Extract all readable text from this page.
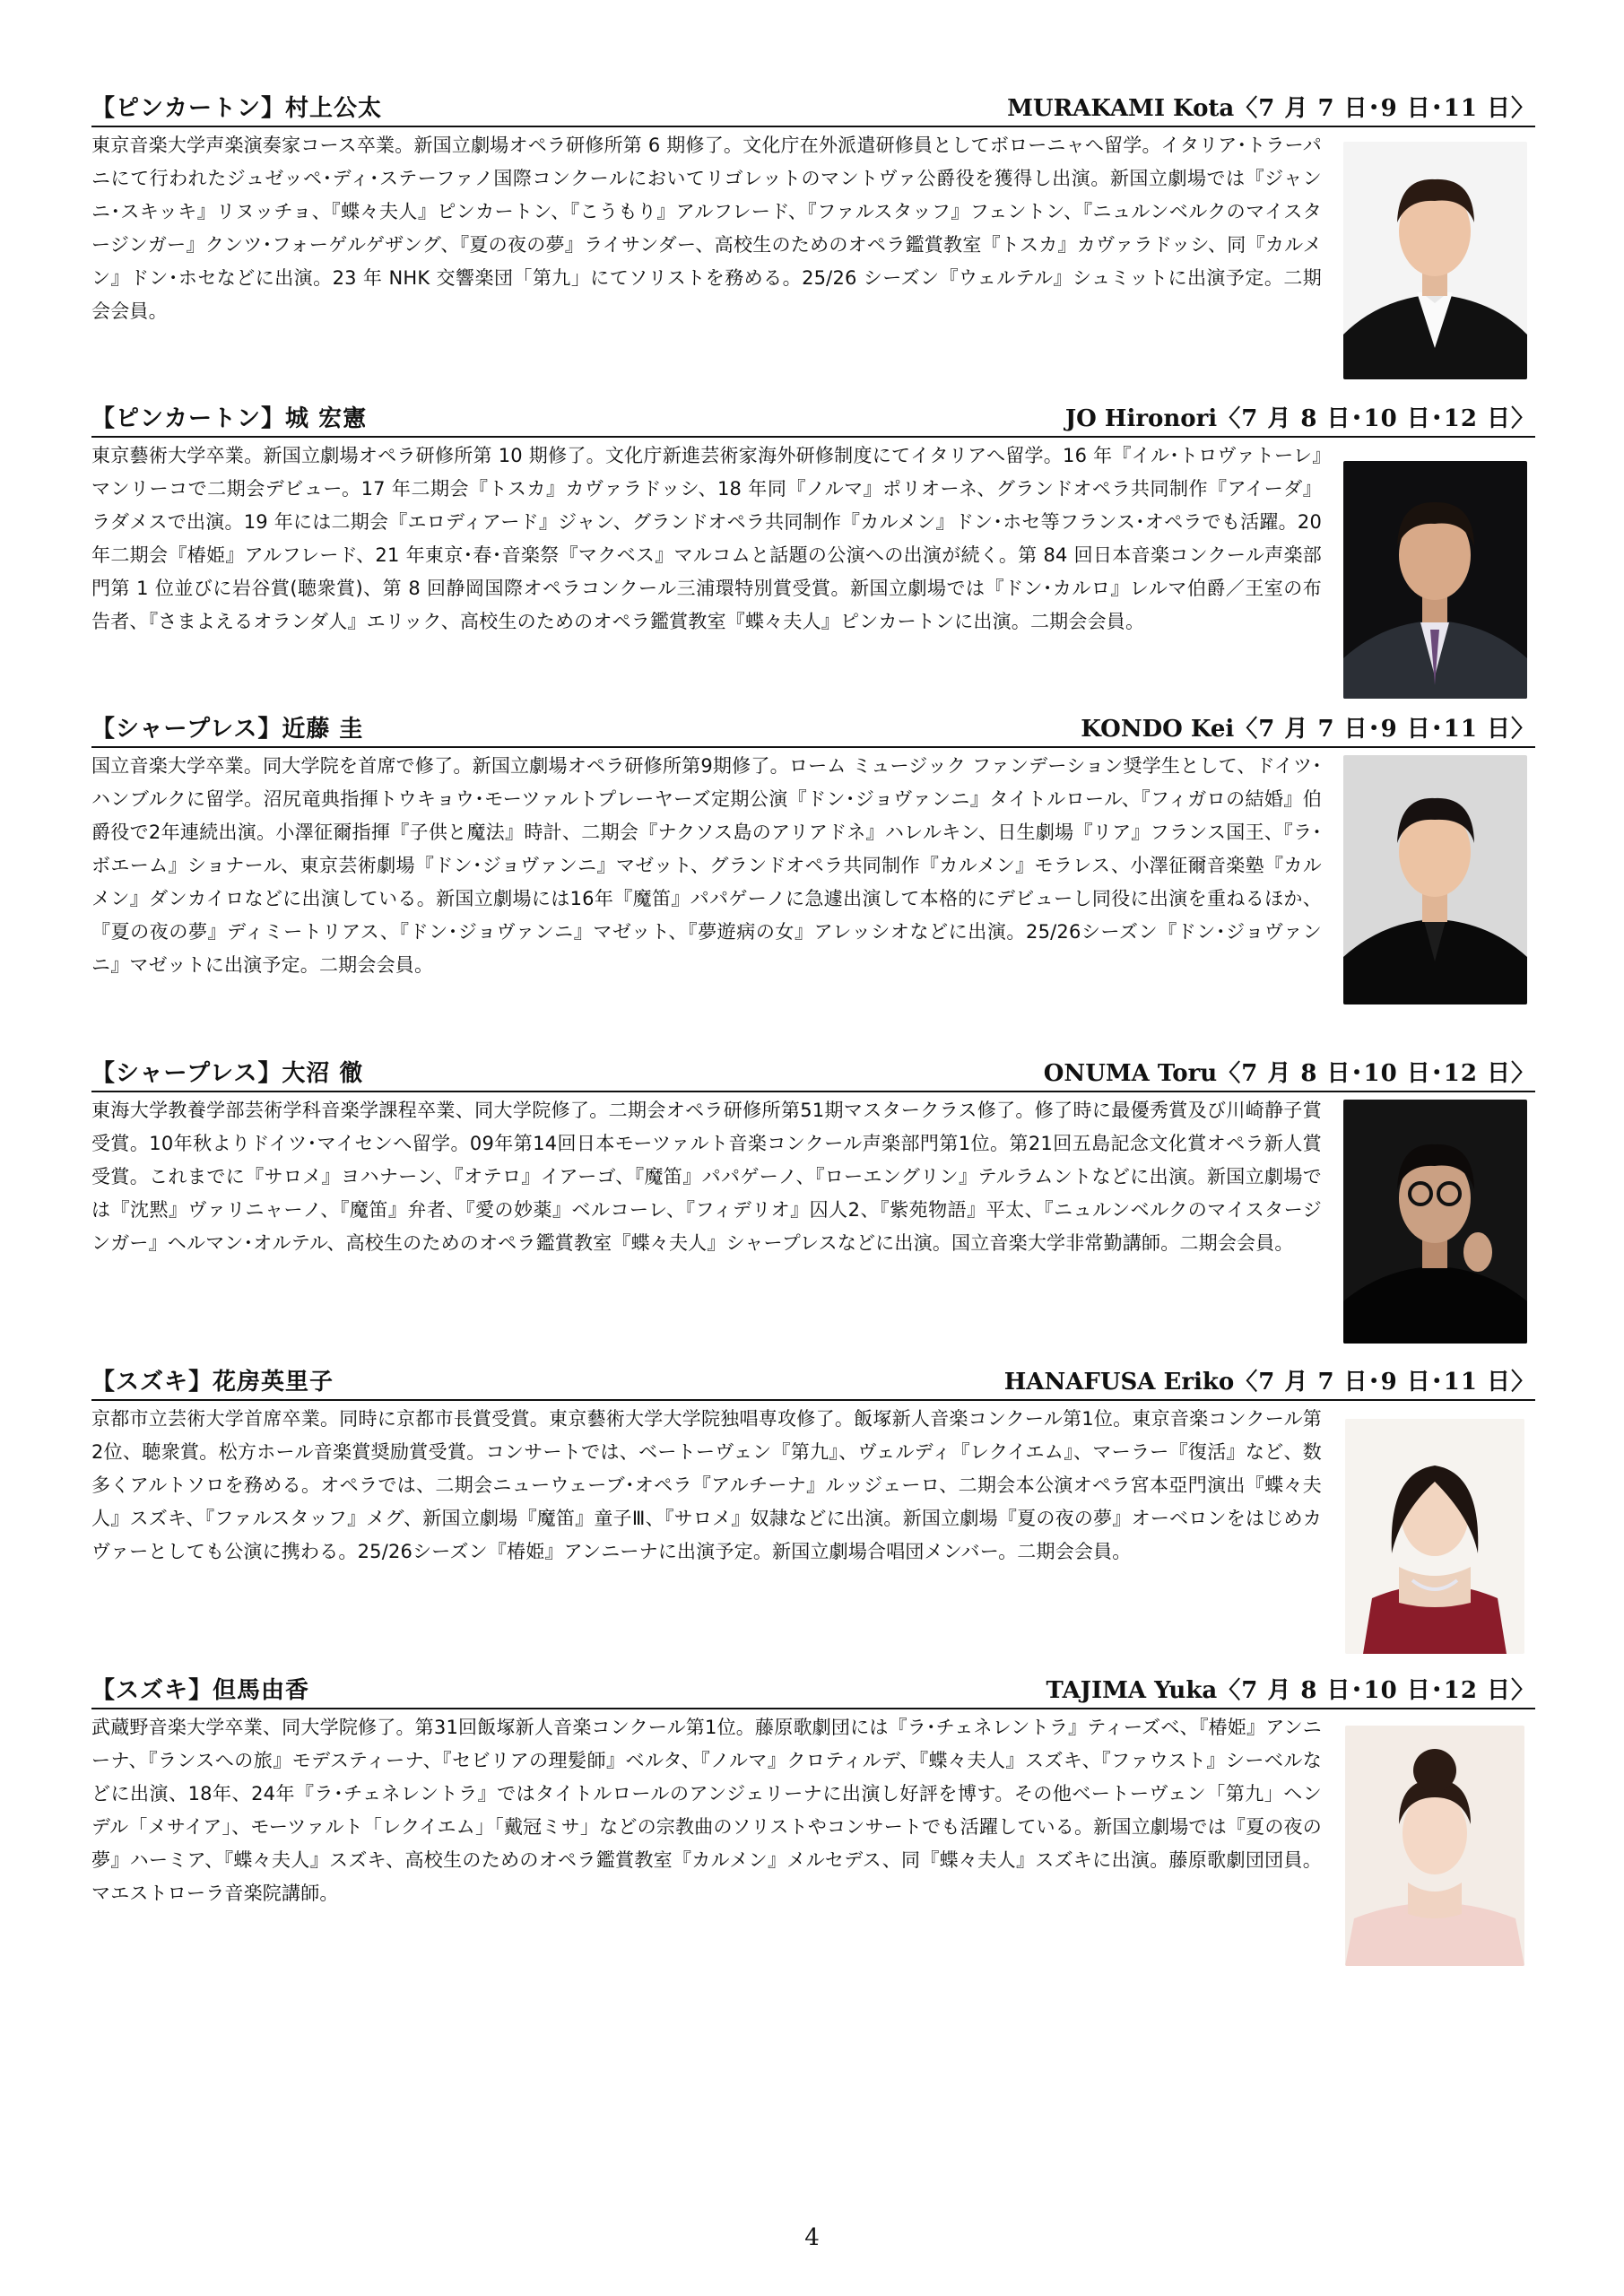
【ピンカートン】村上公太	MURAKAMI Kota〈7 月 7 日･9 日･11 日〉

東京音楽大学声楽演奏家コース卒業。新国立劇場オペラ研修所第 6 期修了。文化庁在外派遣研修員としてボローニャへ留学。イタリア･トラーパニにて行われたジュゼッペ･ディ･ステーファノ国際コンクールにおいてリゴレットのマントヴァ公爵役を獲得し出演。新国立劇場では『ジャンニ･スキッキ』リヌッチョ、『蝶々夫人』ピンカートン、『こうもり』アルフレード、『ファルスタッフ』フェントン、『ニュルンベルクのマイスタージンガー』クンツ･フォーゲルゲザング、『夏の夜の夢』ライサンダー、高校生のためのオペラ鑑賞教室『トスカ』カヴァラドッシ、同『カルメン』ドン･ホセなどに出演。23 年 NHK 交響楽団「第九」にてソリストを務める。25/26 シーズン『ウェルテル』シュミットに出演予定。二期会会員。

【ピンカートン】城 宏憲	JO Hironori〈7 月 8 日･10 日･12 日〉

東京藝術大学卒業。新国立劇場オペラ研修所第 10 期修了。文化庁新進芸術家海外研修制度にてイタリアへ留学。16 年『イル･トロヴァトーレ』マンリーコで二期会デビュー。17 年二期会『トスカ』カヴァラドッシ、18 年同『ノルマ』ポリオーネ、グランドオペラ共同制作『アイーダ』ラダメスで出演。19 年には二期会『エロディアード』ジャン、グランドオペラ共同制作『カルメン』ドン･ホセ等フランス･オペラでも活躍。20 年二期会『椿姫』アルフレード、21 年東京･春･音楽祭『マクベス』マルコムと話題の公演への出演が続く。第 84 回日本音楽コンクール声楽部門第 1 位並びに岩谷賞(聴衆賞)、第 8 回静岡国際オペラコンクール三浦環特別賞受賞。新国立劇場では『ドン･カルロ』レルマ伯爵／王室の布告者、『さまよえるオランダ人』エリック、高校生のためのオペラ鑑賞教室『蝶々夫人』ピンカートンに出演。二期会会員。

【シャープレス】近藤 圭	KONDO Kei〈7 月 7 日･9 日･11 日〉

国立音楽大学卒業。同大学院を首席で修了。新国立劇場オペラ研修所第9期修了。ローム ミュージック ファンデーション奨学生として、ドイツ･ハンブルクに留学。沼尻竜典指揮トウキョウ･モーツァルトプレーヤーズ定期公演『ドン･ジョヴァンニ』タイトルロール、『フィガロの結婚』伯爵役で2年連続出演。小澤征爾指揮『子供と魔法』時計、二期会『ナクソス島のアリアドネ』ハレルキン、日生劇場『リア』フランス国王、『ラ･ボエーム』ショナール、東京芸術劇場『ドン･ジョヴァンニ』マゼット、グランドオペラ共同制作『カルメン』モラレス、小澤征爾音楽塾『カルメン』ダンカイロなどに出演している。新国立劇場には16年『魔笛』パパゲーノに急遽出演して本格的にデビューし同役に出演を重ねるほか、『夏の夜の夢』ディミートリアス、『ドン･ジョヴァンニ』マゼット、『夢遊病の女』アレッシオなどに出演。25/26シーズン『ドン･ジョヴァンニ』マゼットに出演予定。二期会会員。

【シャープレス】大沼 徹	ONUMA Toru〈7 月 8 日･10 日･12 日〉

東海大学教養学部芸術学科音楽学課程卒業、同大学院修了。二期会オペラ研修所第51期マスタークラス修了。修了時に最優秀賞及び川崎静子賞受賞。10年秋よりドイツ･マイセンへ留学。09年第14回日本モーツァルト音楽コンクール声楽部門第1位。第21回五島記念文化賞オペラ新人賞受賞。これまでに『サロメ』ヨハナーン、『オテロ』イアーゴ、『魔笛』パパゲーノ、『ローエングリン』テルラムントなどに出演。新国立劇場では『沈黙』ヴァリニャーノ、『魔笛』弁者、『愛の妙薬』ベルコーレ、『フィデリオ』囚人2、『紫苑物語』平太、『ニュルンベルクのマイスタージンガー』ヘルマン･オルテル、高校生のためのオペラ鑑賞教室『蝶々夫人』シャープレスなどに出演。国立音楽大学非常勤講師。二期会会員。

【スズキ】花房英里子	HANAFUSA Eriko〈7 月 7 日･9 日･11 日〉

京都市立芸術大学首席卒業。同時に京都市長賞受賞。東京藝術大学大学院独唱専攻修了。飯塚新人音楽コンクール第1位。東京音楽コンクール第2位、聴衆賞。松方ホール音楽賞奨励賞受賞。コンサートでは、ベートーヴェン『第九』、ヴェルディ『レクイエム』、マーラー『復活』など、数多くアルトソロを務める。オペラでは、二期会ニューウェーブ･オペラ『アルチーナ』ルッジェーロ、二期会本公演オペラ宮本亞門演出『蝶々夫人』スズキ、『ファルスタッフ』メグ、新国立劇場『魔笛』童子Ⅲ、『サロメ』奴隷などに出演。新国立劇場『夏の夜の夢』オーベロンをはじめカヴァーとしても公演に携わる。25/26シーズン『椿姫』アンニーナに出演予定。新国立劇場合唱団メンバー。二期会会員。

【スズキ】但馬由香	TAJIMA Yuka〈7 月 8 日･10 日･12 日〉

武蔵野音楽大学卒業、同大学院修了。第31回飯塚新人音楽コンクール第1位。藤原歌劇団には『ラ･チェネレントラ』ティーズベ、『椿姫』アンニーナ、『ランスへの旅』モデスティーナ、『セビリアの理髪師』ベルタ、『ノルマ』クロティルデ、『蝶々夫人』スズキ、『ファウスト』シーベルなどに出演、18年、24年『ラ･チェネレントラ』ではタイトルロールのアンジェリーナに出演し好評を博す。その他ベートーヴェン「第九」ヘンデル「メサイア」、モーツァルト「レクイエム」「戴冠ミサ」などの宗教曲のソリストやコンサートでも活躍している。新国立劇場では『夏の夜の夢』ハーミア、『蝶々夫人』スズキ、高校生のためのオペラ鑑賞教室『カルメン』メルセデス、同『蝶々夫人』スズキに出演。藤原歌劇団団員。マエストローラ音楽院講師。

4
